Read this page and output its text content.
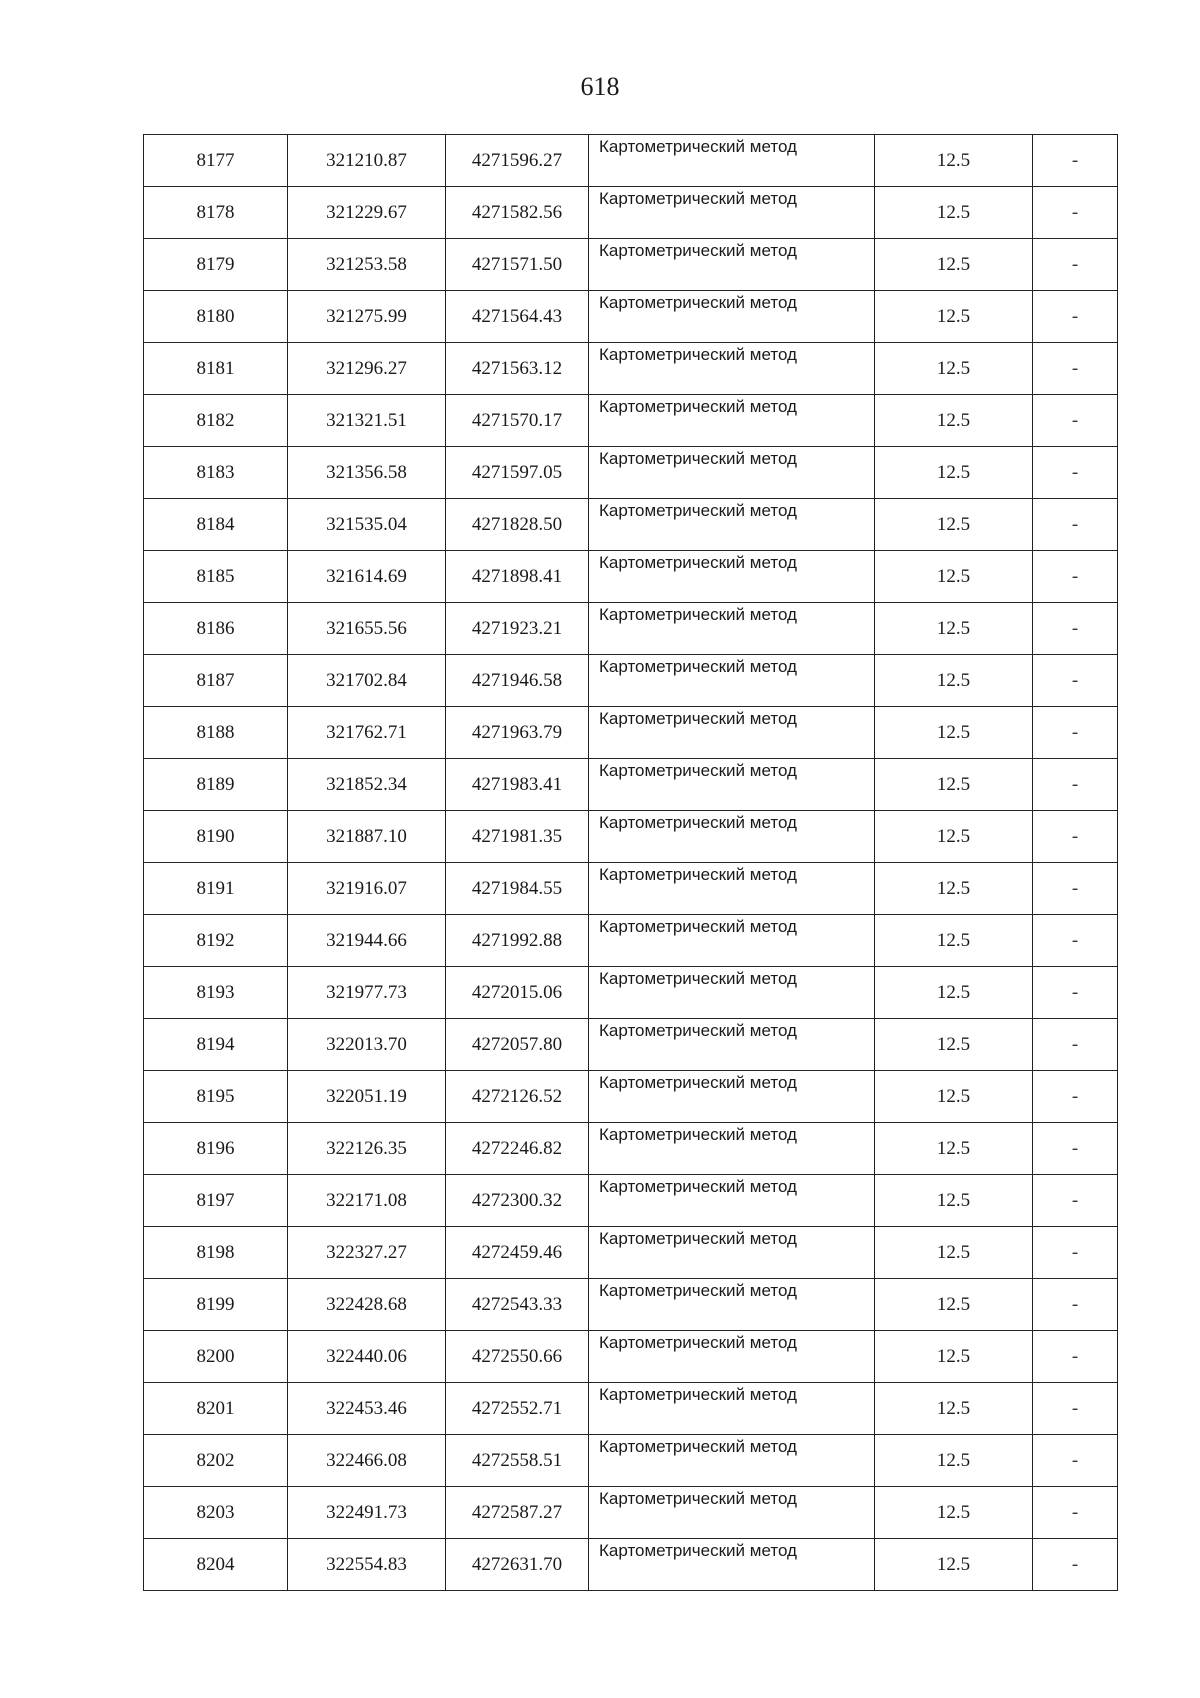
618
8177	321210.87	4271596.27	Картометрический метод	12.5	-
8178	321229.67	4271582.56	Картометрический метод	12.5	-
8179	321253.58	4271571.50	Картометрический метод	12.5	-
8180	321275.99	4271564.43	Картометрический метод	12.5	-
8181	321296.27	4271563.12	Картометрический метод	12.5	-
8182	321321.51	4271570.17	Картометрический метод	12.5	-
8183	321356.58	4271597.05	Картометрический метод	12.5	-
8184	321535.04	4271828.50	Картометрический метод	12.5	-
8185	321614.69	4271898.41	Картометрический метод	12.5	-
8186	321655.56	4271923.21	Картометрический метод	12.5	-
8187	321702.84	4271946.58	Картометрический метод	12.5	-
8188	321762.71	4271963.79	Картометрический метод	12.5	-
8189	321852.34	4271983.41	Картометрический метод	12.5	-
8190	321887.10	4271981.35	Картометрический метод	12.5	-
8191	321916.07	4271984.55	Картометрический метод	12.5	-
8192	321944.66	4271992.88	Картометрический метод	12.5	-
8193	321977.73	4272015.06	Картометрический метод	12.5	-
8194	322013.70	4272057.80	Картометрический метод	12.5	-
8195	322051.19	4272126.52	Картометрический метод	12.5	-
8196	322126.35	4272246.82	Картометрический метод	12.5	-
8197	322171.08	4272300.32	Картометрический метод	12.5	-
8198	322327.27	4272459.46	Картометрический метод	12.5	-
8199	322428.68	4272543.33	Картометрический метод	12.5	-
8200	322440.06	4272550.66	Картометрический метод	12.5	-
8201	322453.46	4272552.71	Картометрический метод	12.5	-
8202	322466.08	4272558.51	Картометрический метод	12.5	-
8203	322491.73	4272587.27	Картометрический метод	12.5	-
8204	322554.83	4272631.70	Картометрический метод	12.5	-
